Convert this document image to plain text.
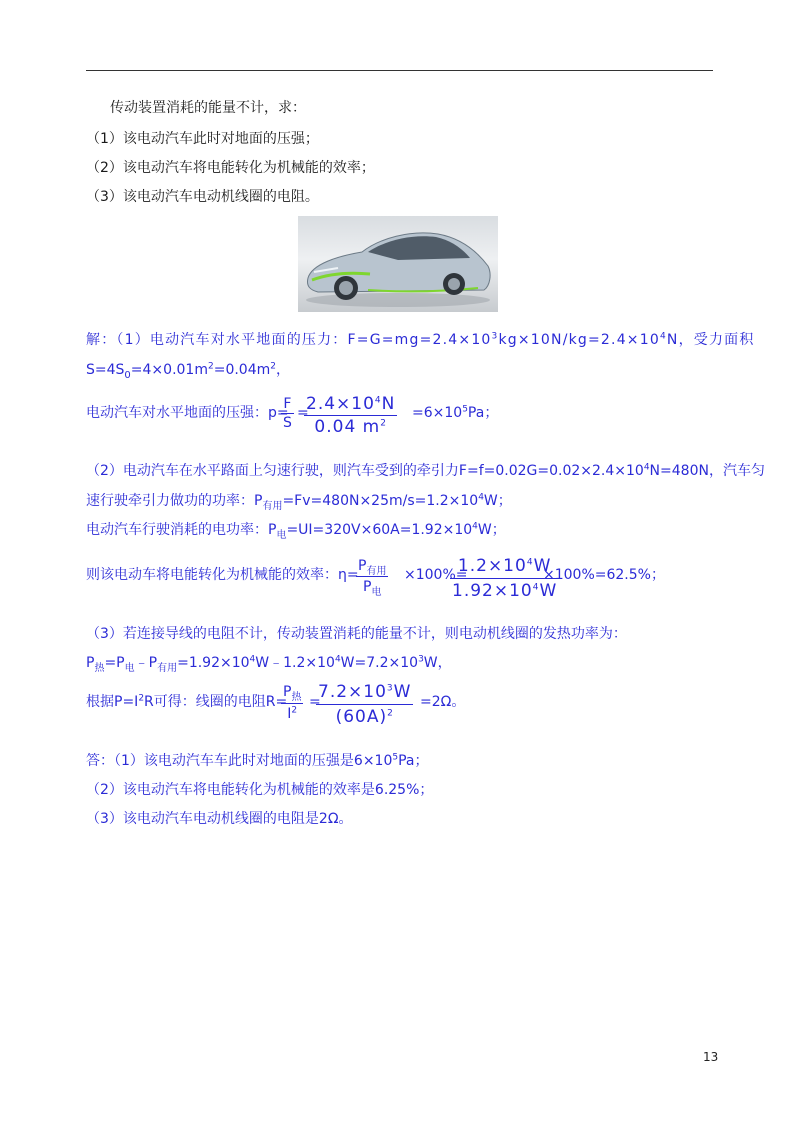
传动装置消耗的能量不计，求：
（1）该电动汽车此时对地面的压强；
（2）该电动汽车将电能转化为机械能的效率；
（3）该电动汽车电动机线圈的电阻。
解：（1）电动汽车对水平地面的压力：$F=G=mg=2.4\times 10^3kg\times 10N/kg=2.4\times 10^4N$，受力面积
$S=4S_0=4\times 0.01m^2=0.04m^2$，
电动汽车对水平地面的压强：p=
$\frac{F}{S}$ =
$\frac{2.4\times 10^4N}{0.04 m^2} =6\times 10^5Pa$；
（2）电动汽车在水平路面上匀速行驶，则汽车受到的牵引力$F=f=0.02G=0.02\times 2.4\times 10^4N=480N$，汽车匀
速行驶牵引力做功的功率：$P_{有用}=Fv=480N\times 25m/s=1.2\times 10^4W$；
电动汽车行驶消耗的电功率：$P_电=UI=320V\times 60A=1.92\times 10^4W$；
则该电动车将电能转化为机械能的效率：η=
$P_{有用}$
$P_电$
×100%=
$\frac{1.2\times 10^4W}{1.92\times 10^4W}$
×100%=62.5%；
（3）若连接导线的电阻不计，传动装置消耗的能量不计，则电动机线圈的发热功率为：
$P_热=P_电﹣P_{有用}=1.92\times 10^4W﹣1.2\times 10^4W=7.2\times 10^3W$，
根据$P=I^2R$可得：线圈的电阻R=
$P_热$
$I^2$
=
$\frac{7.2\times 10^3W}{(60A)^2} =2\Omega$。
答：（1）该电动汽车车此时对地面的压强是$6\times 10^5Pa$；
（2）该电动汽车将电能转化为机械能的效率是6.25%；
（3）该电动汽车电动机线圈的电阻是2Ω。
13
